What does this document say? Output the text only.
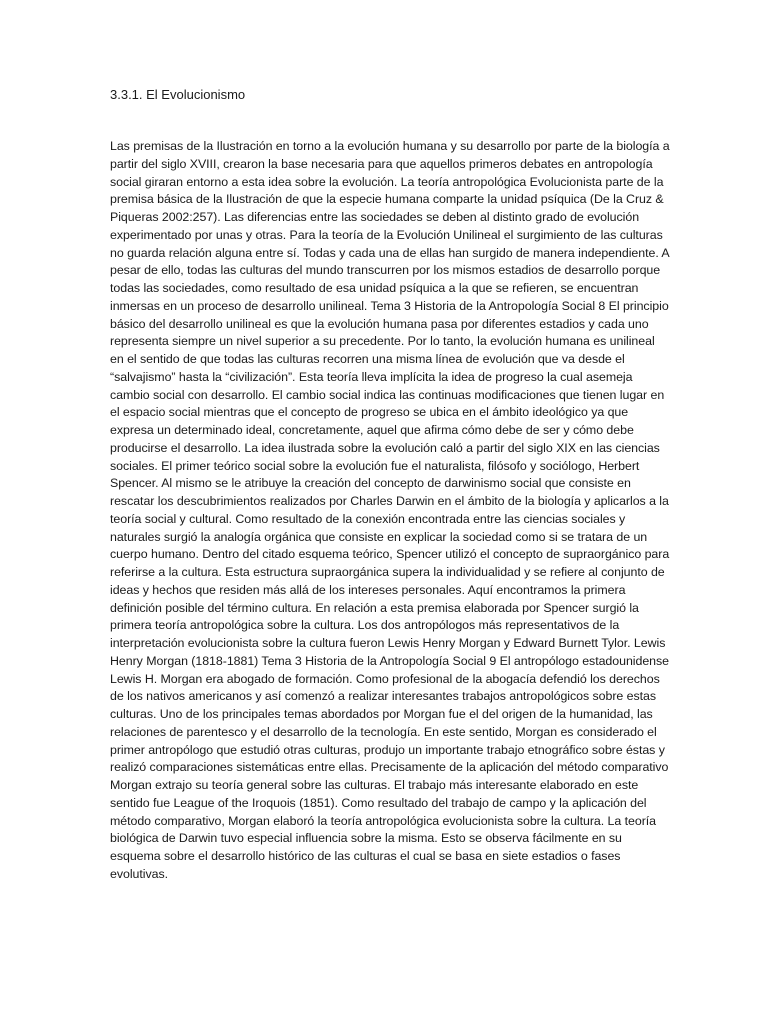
3.3.1. El Evolucionismo

Las premisas de la Ilustración en torno a la evolución humana y su desarrollo por parte de la biología a partir del siglo XVIII, crearon la base necesaria para que aquellos primeros debates en antropología social giraran entorno a esta idea sobre la evolución. La teoría antropológica Evolucionista parte de la premisa básica de la Ilustración de que la especie humana comparte la unidad psíquica (De la Cruz & Piqueras 2002:257). Las diferencias entre las sociedades se deben al distinto grado de evolución experimentado por unas y otras. Para la teoría de la Evolución Unilineal el surgimiento de las culturas no guarda relación alguna entre sí. Todas y cada una de ellas han surgido de manera independiente. A pesar de ello, todas las culturas del mundo transcurren por los mismos estadios de desarrollo porque todas las sociedades, como resultado de esa unidad psíquica a la que se refieren, se encuentran inmersas en un proceso de desarrollo unilineal. Tema 3 Historia de la Antropología Social 8 El principio básico del desarrollo unilineal es que la evolución humana pasa por diferentes estadios y cada uno representa siempre un nivel superior a su precedente. Por lo tanto, la evolución humana es unilineal en el sentido de que todas las culturas recorren una misma línea de evolución que va desde el “salvajismo” hasta la “civilización”. Esta teoría lleva implícita la idea de progreso la cual asemeja cambio social con desarrollo. El cambio social indica las continuas modificaciones que tienen lugar en el espacio social mientras que el concepto de progreso se ubica en el ámbito ideológico ya que expresa un determinado ideal, concretamente, aquel que afirma cómo debe de ser y cómo debe producirse el desarrollo. La idea ilustrada sobre la evolución caló a partir del siglo XIX en las ciencias sociales. El primer teórico social sobre la evolución fue el naturalista, filósofo y sociólogo, Herbert Spencer. Al mismo se le atribuye la creación del concepto de darwinismo social que consiste en rescatar los descubrimientos realizados por Charles Darwin en el ámbito de la biología y aplicarlos a la teoría social y cultural. Como resultado de la conexión encontrada entre las ciencias sociales y naturales surgió la analogía orgánica que consiste en explicar la sociedad como si se tratara de un cuerpo humano. Dentro del citado esquema teórico, Spencer utilizó el concepto de supraorgánico para referirse a la cultura. Esta estructura supraorgánica supera la individualidad y se refiere al conjunto de ideas y hechos que residen más allá de los intereses personales. Aquí encontramos la primera definición posible del término cultura. En relación a esta premisa elaborada por Spencer surgió la primera teoría antropológica sobre la cultura. Los dos antropólogos más representativos de la interpretación evolucionista sobre la cultura fueron Lewis Henry Morgan y Edward Burnett Tylor. Lewis Henry Morgan (1818-1881) Tema 3 Historia de la Antropología Social 9 El antropólogo estadounidense Lewis H. Morgan era abogado de formación. Como profesional de la abogacía defendió los derechos de los nativos americanos y así comenzó a realizar interesantes trabajos antropológicos sobre estas culturas. Uno de los principales temas abordados por Morgan fue el del origen de la humanidad, las relaciones de parentesco y el desarrollo de la tecnología. En este sentido, Morgan es considerado el primer antropólogo que estudió otras culturas, produjo un importante trabajo etnográfico sobre éstas y realizó comparaciones sistemáticas entre ellas. Precisamente de la aplicación del método comparativo Morgan extrajo su teoría general sobre las culturas. El trabajo más interesante elaborado en este sentido fue League of the Iroquois (1851). Como resultado del trabajo de campo y la aplicación del método comparativo, Morgan elaboró la teoría antropológica evolucionista sobre la cultura. La teoría biológica de Darwin tuvo especial influencia sobre la misma. Esto se observa fácilmente en su esquema sobre el desarrollo histórico de las culturas el cual se basa en siete estadios o fases evolutivas.
